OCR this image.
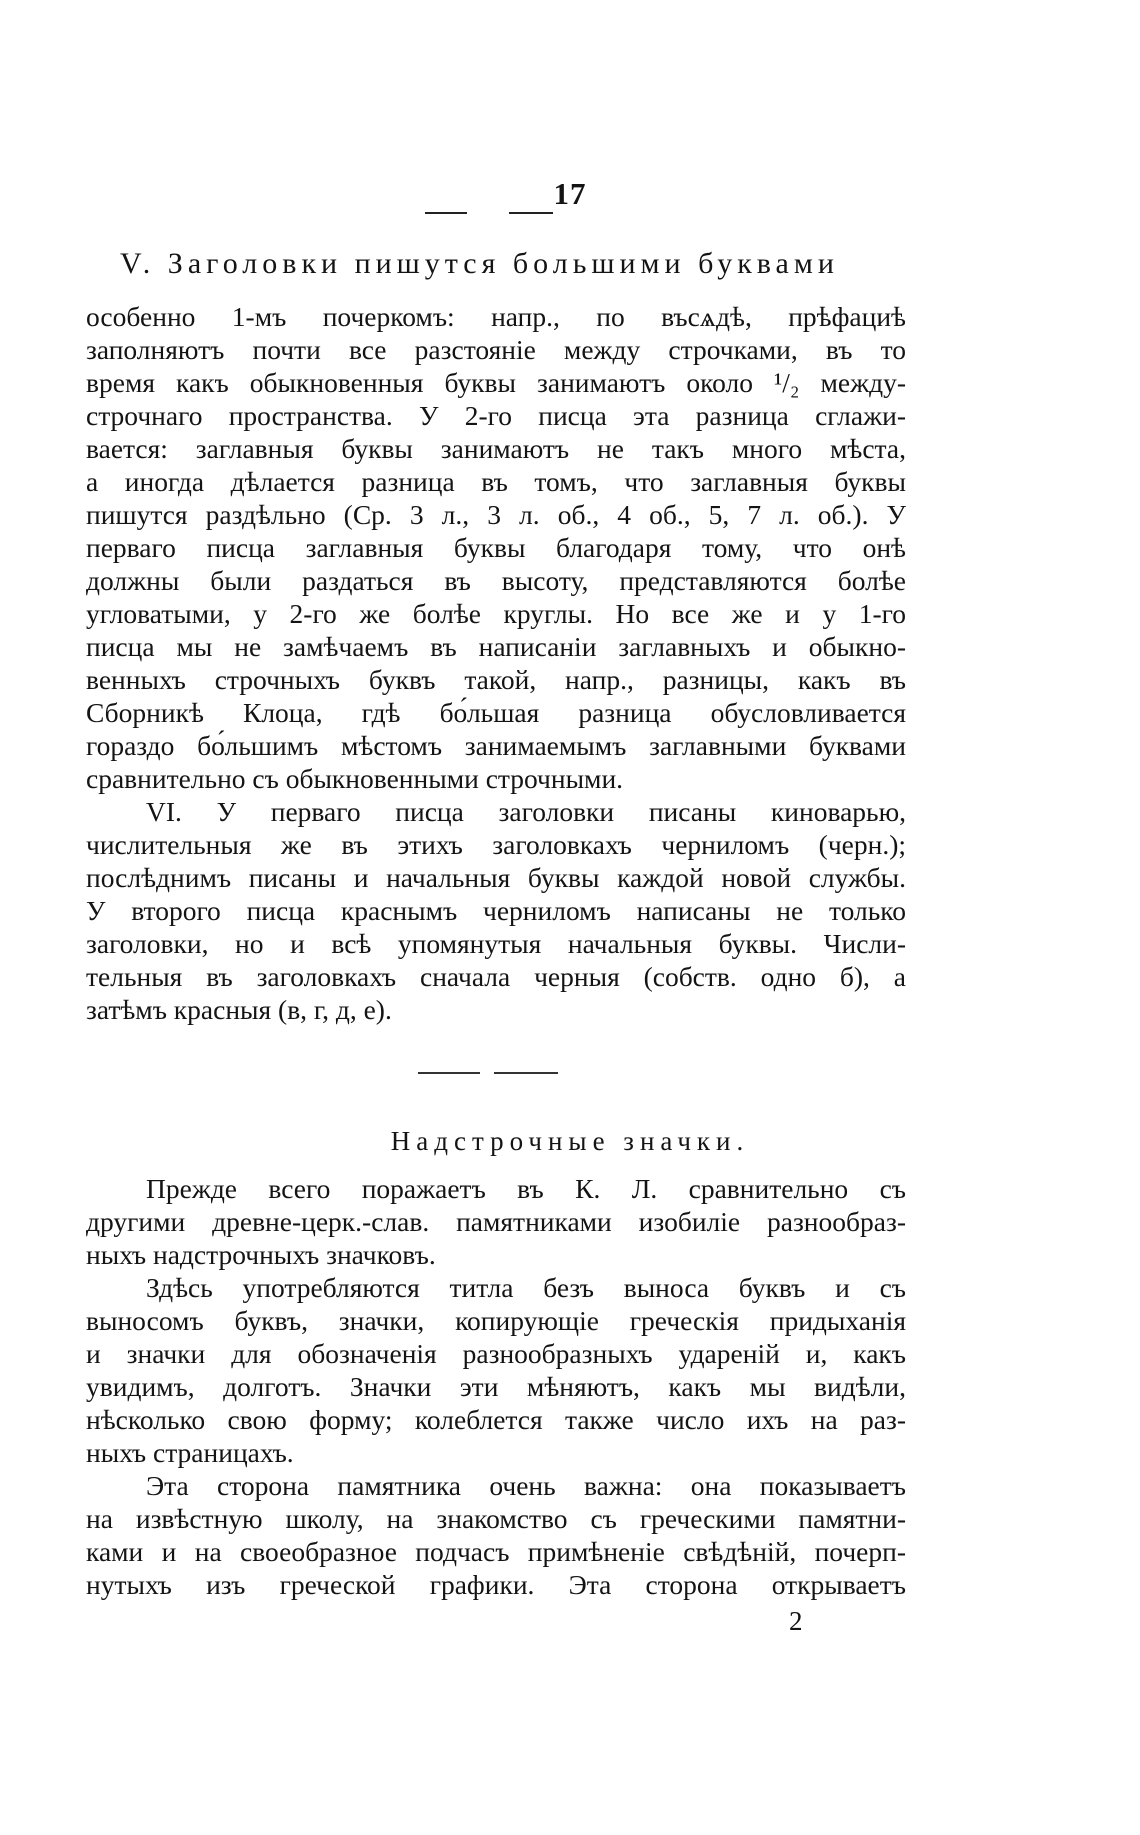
17
V. Заголовки пишутся большими буквами
особенно 1-мъ почеркомъ: напр., по въсѧдѣ, прѣфациѣ
заполняютъ почти все разстояніе между строчками, въ то
время какъ обыкновенныя буквы занимаютъ около ¹/₂ между-
строчнаго пространства. У 2-го писца эта разница сглажи-
вается: заглавныя буквы занимаютъ не такъ много мѣста,
а иногда дѣлается разница въ томъ, что заглавныя буквы
пишутся раздѣльно (Ср. 3 л., 3 л. об., 4 об., 5, 7 л. об.). У
перваго писца заглавныя буквы благодаря тому, что онѣ
должны были раздаться въ высоту, представляются болѣе
угловатыми, у 2-го же болѣе круглы. Но все же и у 1-го
писца мы не замѣчаемъ въ написаніи заглавныхъ и обыкно-
венныхъ строчныхъ буквъ такой, напр., разницы, какъ въ
Сборникѣ Клоца, гдѣ бо́льшая разница обусловливается
гораздо бо́льшимъ мѣстомъ занимаемымъ заглавными буквами
сравнительно съ обыкновенными строчными.
VI. У перваго писца заголовки писаны киноварью,
числительныя же въ этихъ заголовкахъ черниломъ (черн.);
послѣднимъ писаны и начальныя буквы каждой новой службы.
У второго писца краснымъ черниломъ написаны не только
заголовки, но и всѣ упомянутыя начальныя буквы. Числи-
тельныя въ заголовкахъ сначала черныя (собств. одно б), а
затѣмъ красныя (в, г, д, е).
Надстрочные значки.
Прежде всего поражаетъ въ К. Л. сравнительно съ
другими древне-церк.-слав. памятниками изобиліе разнообраз-
ныхъ надстрочныхъ значковъ.
Здѣсь употребляются титла безъ выноса буквъ и съ
выносомъ буквъ, значки, копирующіе греческія придыханія
и значки для обозначенія разнообразныхъ удареній и, какъ
увидимъ, долготъ. Значки эти мѣняютъ, какъ мы видѣли,
нѣсколько свою форму; колеблется также число ихъ на раз-
ныхъ страницахъ.
Эта сторона памятника очень важна: она показываетъ
на извѣстную школу, на знакомство съ греческими памятни-
ками и на своеобразное подчасъ примѣненіе свѣдѣній, почерп-
нутыхъ изъ греческой графики. Эта сторона открываетъ
2
